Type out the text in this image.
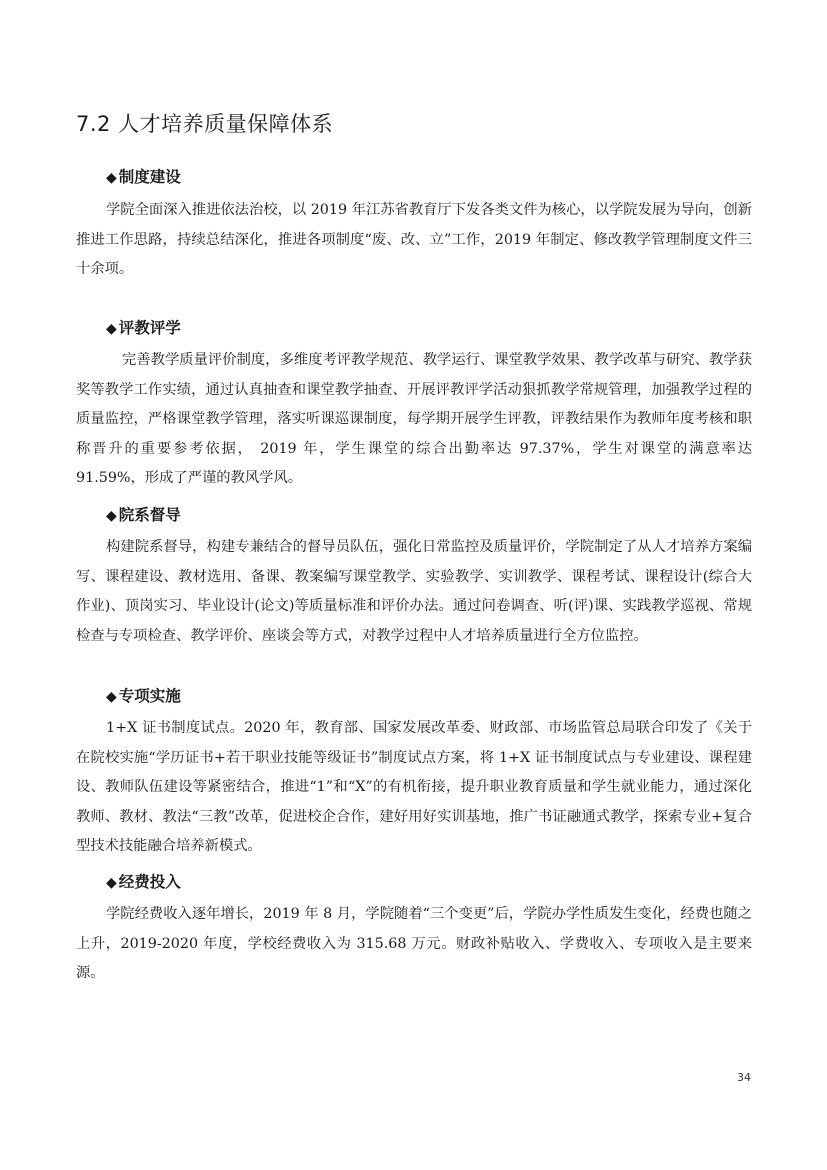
7.2 人才培养质量保障体系
◆ 制度建设

学院全面深入推进依法治校，以 2019 年江苏省教育厅下发各类文件为核心，以学院发展为导向，创新推进工作思路，持续总结深化，推进各项制度“废、改、立”工作，2019 年制定、修改教学管理制度文件三十余项。

◆ 评教评学

完善教学质量评价制度，多维度考评教学规范、教学运行、课堂教学效果、教学改革与研究、教学获奖等教学工作实绩，通过认真抽查和课堂教学抽查、开展评教评学活动狠抓教学常规管理，加强教学过程的质量监控，严格课堂教学管理，落实听课巡课制度，每学期开展学生评教，评教结果作为教师年度考核和职称晋升的重要参考依据， 2019 年，学生课堂的综合出勤率达 97.37%，学生对课堂的满意率达 91.59%，形成了严谨的教风学风。

◆ 院系督导

构建院系督导，构建专兼结合的督导员队伍，强化日常监控及质量评价，学院制定了从人才培养方案编写、课程建设、教材选用、备课、教案编写课堂教学、实验教学、实训教学、课程考试、课程设计(综合大作业)、顶岗实习、毕业设计(论文)等质量标准和评价办法。通过问卷调查、听(评)课、实践教学巡视、常规检查与专项检查、教学评价、座谈会等方式，对教学过程中人才培养质量进行全方位监控。

◆ 专项实施

1+X 证书制度试点。2020 年，教育部、国家发展改革委、财政部、市场监管总局联合印发了《关于在院校实施“学历证书+若干职业技能等级证书”制度试点方案，将 1+X 证书制度试点与专业建设、课程建设、教师队伍建设等紧密结合，推进“1”和“X”的有机衔接，提升职业教育质量和学生就业能力，通过深化教师、教材、教法“三教”改革，促进校企合作，建好用好实训基地，推广书证融通式教学，探索专业+复合型技术技能融合培养新模式。

◆ 经费投入

学院经费收入逐年增长，2019 年 8 月，学院随着“三个变更”后，学院办学性质发生变化，经费也随之上升，2019-2020 年度，学校经费收入为 315.68 万元。财政补贴收入、学费收入、专项收入是主要来源。

34
